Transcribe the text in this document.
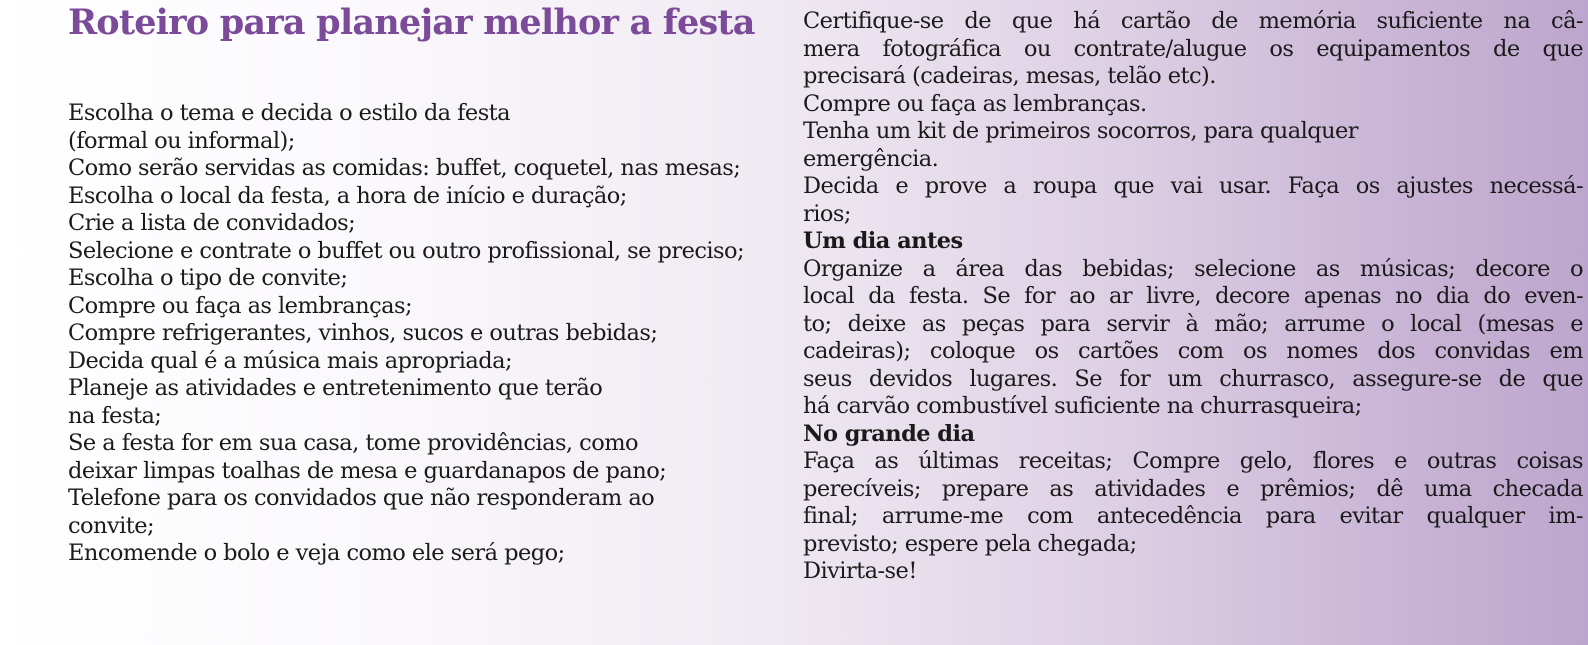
Roteiro para planejar melhor a festa
Escolha o tema e decida o estilo da festa
(formal ou informal);
Como serão servidas as comidas: buffet, coquetel, nas mesas;
Escolha o local da festa, a hora de início e duração;
Crie a lista de convidados;
Selecione e contrate o buffet ou outro profissional, se preciso;
Escolha o tipo de convite;
Compre ou faça as lembranças;
Compre refrigerantes, vinhos, sucos e outras bebidas;
Decida qual é a música mais apropriada;
Planeje as atividades e entretenimento que terão
na festa;
Se a festa for em sua casa, tome providências, como
deixar limpas toalhas de mesa e guardanapos de pano;
Telefone para os convidados que não responderam ao
convite;
Encomende o bolo e veja como ele será pego;
Certifique-se de que há cartão de memória suficiente na câ-
mera fotográfica ou contrate/alugue os equipamentos de que
precisará (cadeiras, mesas, telão etc).
Compre ou faça as lembranças.
Tenha um kit de primeiros socorros, para qualquer
emergência.
Decida e prove a roupa que vai usar. Faça os ajustes necessá-
rios;
Um dia antes
Organize a área das bebidas; selecione as músicas; decore o
local da festa. Se for ao ar livre, decore apenas no dia do even-
to; deixe as peças para servir à mão; arrume o local (mesas e
cadeiras); coloque os cartões com os nomes dos convidas em
seus devidos lugares. Se for um churrasco, assegure-se de que
há carvão combustível suficiente na churrasqueira;
No grande dia
Faça as últimas receitas; Compre gelo, flores e outras coisas
perecíveis; prepare as atividades e prêmios; dê uma checada
final; arrume-me com antecedência para evitar qualquer im-
previsto; espere pela chegada;
Divirta-se!
